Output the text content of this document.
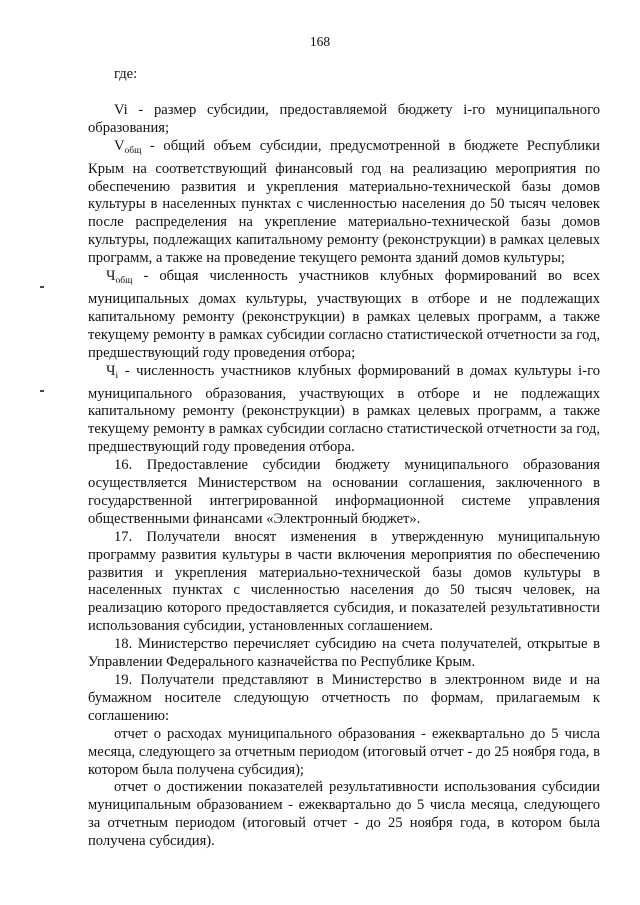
168

где:

Vi - размер субсидии, предоставляемой бюджету i-го муниципального образования;

$V_{общ}$ - общий объем субсидии, предусмотренной в бюджете Республики Крым на соответствующий финансовый год на реализацию мероприятия по обеспечению развития и укрепления материально-технической базы домов культуры в населенных пунктах с численностью населения до 50 тысяч человек после распределения на укрепление материально-технической базы домов культуры, подлежащих капитальному ремонту (реконструкции) в рамках целевых программ, а также на проведение текущего ремонта зданий домов культуры;

$Ч_{общ}$ - общая численность участников клубных формирований во всех муниципальных домах культуры, участвующих в отборе и не подлежащих капитальному ремонту (реконструкции) в рамках целевых программ, а также текущему ремонту в рамках субсидии согласно статистической отчетности за год, предшествующий году проведения отбора;

$Ч_i$ - численность участников клубных формирований в домах культуры i-го муниципального образования, участвующих в отборе и не подлежащих капитальному ремонту (реконструкции) в рамках целевых программ, а также текущему ремонту в рамках субсидии согласно статистической отчетности за год, предшествующий году проведения отбора.

16. Предоставление субсидии бюджету муниципального образования осуществляется Министерством на основании соглашения, заключенного в государственной интегрированной информационной системе управления общественными финансами «Электронный бюджет».

17. Получатели вносят изменения в утвержденную муниципальную программу развития культуры в части включения мероприятия по обеспечению развития и укрепления материально-технической базы домов культуры в населенных пунктах с численностью населения до 50 тысяч человек, на реализацию которого предоставляется субсидия, и показателей результативности использования субсидии, установленных соглашением.

18. Министерство перечисляет субсидию на счета получателей, открытые в Управлении Федерального казначейства по Республике Крым.

19. Получатели представляют в Министерство в электронном виде и на бумажном носителе следующую отчетность по формам, прилагаемым к соглашению:

отчет о расходах муниципального образования - ежеквартально до 5 числа месяца, следующего за отчетным периодом (итоговый отчет - до 25 ноября года, в котором была получена субсидия);

отчет о достижении показателей результативности использования субсидии муниципальным образованием - ежеквартально до 5 числа месяца, следующего за отчетным периодом (итоговый отчет - до 25 ноября года, в котором была получена субсидия).
